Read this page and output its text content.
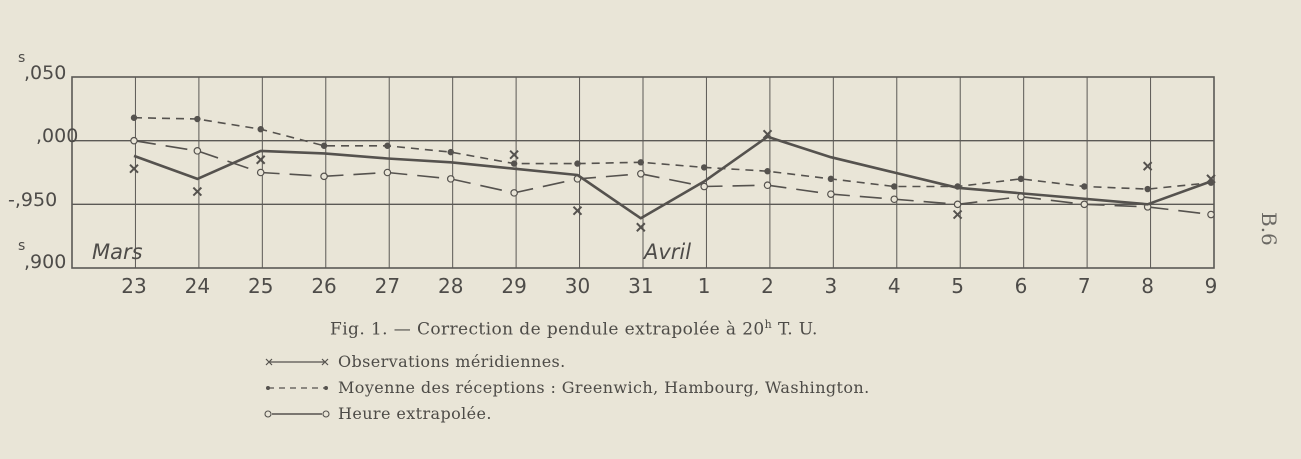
,050
,000
-,950
,900
s
s
23 24 25 26 27 28 29 30 31 1	2	3	4	5	6	7	8	9
Mars	Avril
B.6
Fig. 1. — Correction de pendule extrapolée à 20$^h$ T. U.
Observations méridiennes.
Moyenne des réceptions : Greenwich, Hambourg, Washington.
Heure extrapolée.
